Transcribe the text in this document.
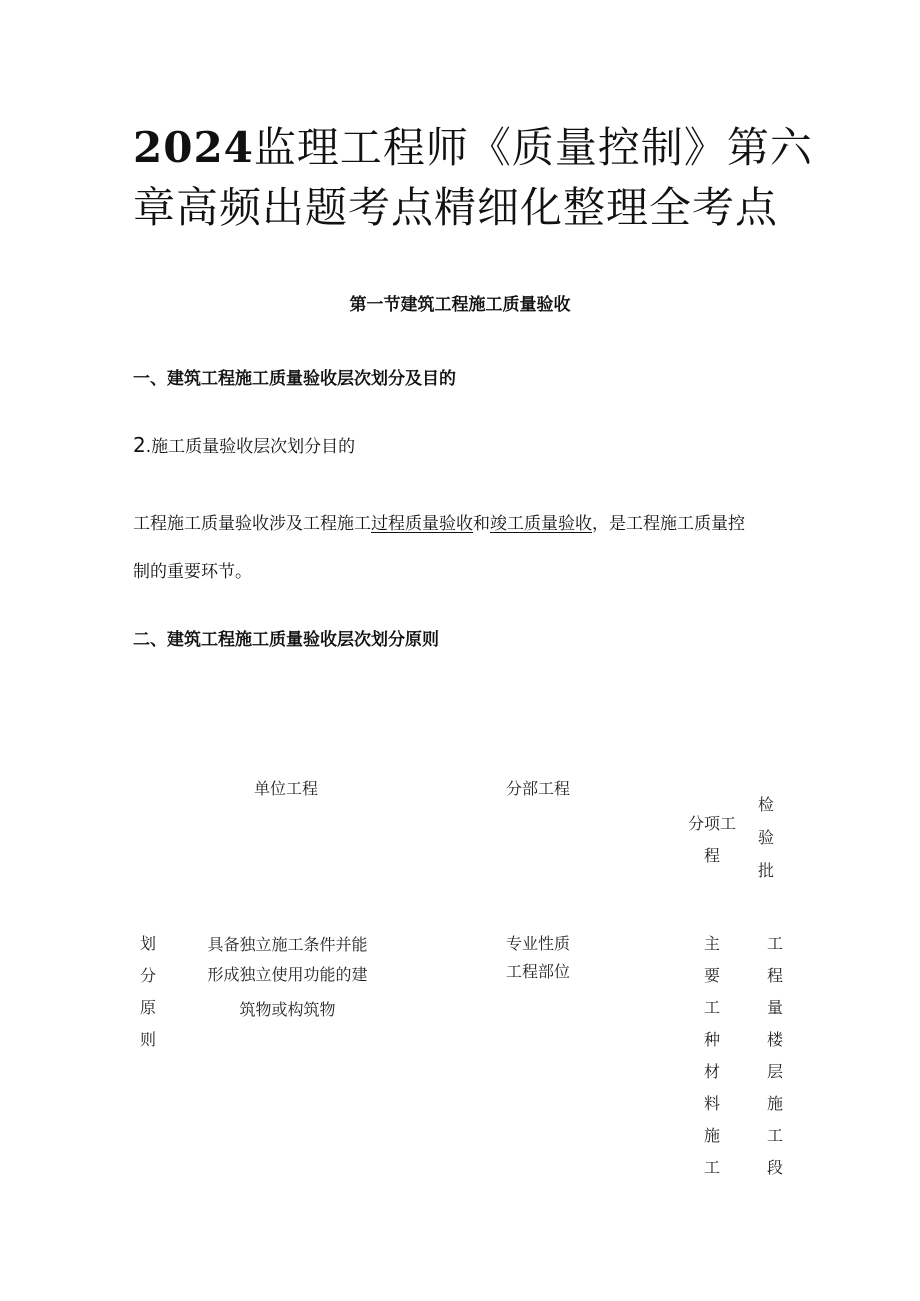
2024监理工程师《质量控制》第六
章高频出题考点精细化整理全考点
第一节建筑工程施工质量验收
一、建筑工程施工质量验收层次划分及目的

2.施工质量验收层次划分目的

工程施工质量验收涉及工程施工过程质量验收和竣工质量验收，是工程施工质量控
制的重要环节。

二、建筑工程施工质量验收层次划分原则
单位工程	分部工程
分项工
程
检
验
批
划
分
原
则
具备独立施工条件并能
形成独立使用功能的建
筑物或构筑物
专业性质
工程部位
主
要
工
种
材
料
施
工
工
程
量
楼
层
施
工
段
